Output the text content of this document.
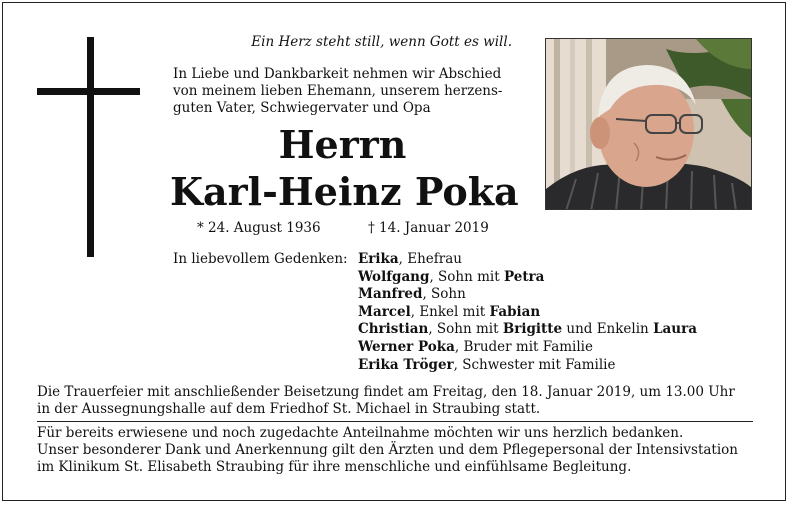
Ein Herz steht still, wenn Gott es will.
In Liebe und Dankbarkeit nehmen wir Abschied
von meinem lieben Ehemann, unserem herzens-
guten Vater, Schwiegervater und Opa
Herrn
Karl-Heinz Poka
* 24. August 1936	† 14. Januar 2019
In liebevollem Gedenken: Erika, Ehefrau
Wolfgang, Sohn mit Petra
Manfred, Sohn
Marcel, Enkel mit Fabian
Christian, Sohn mit Brigitte und Enkelin Laura
Werner Poka, Bruder mit Familie
Erika Tröger, Schwester mit Familie
Die Trauerfeier mit anschließender Beisetzung findet am Freitag, den 18. Januar 2019, um 13.00 Uhr
in der Aussegnungshalle auf dem Friedhof St. Michael in Straubing statt.
Für bereits erwiesene und noch zugedachte Anteilnahme möchten wir uns herzlich bedanken.
Unser besonderer Dank und Anerkennung gilt den Ärzten und dem Pflegepersonal der Intensivstation
im Klinikum St. Elisabeth Straubing für ihre menschliche und einfühlsame Begleitung.
